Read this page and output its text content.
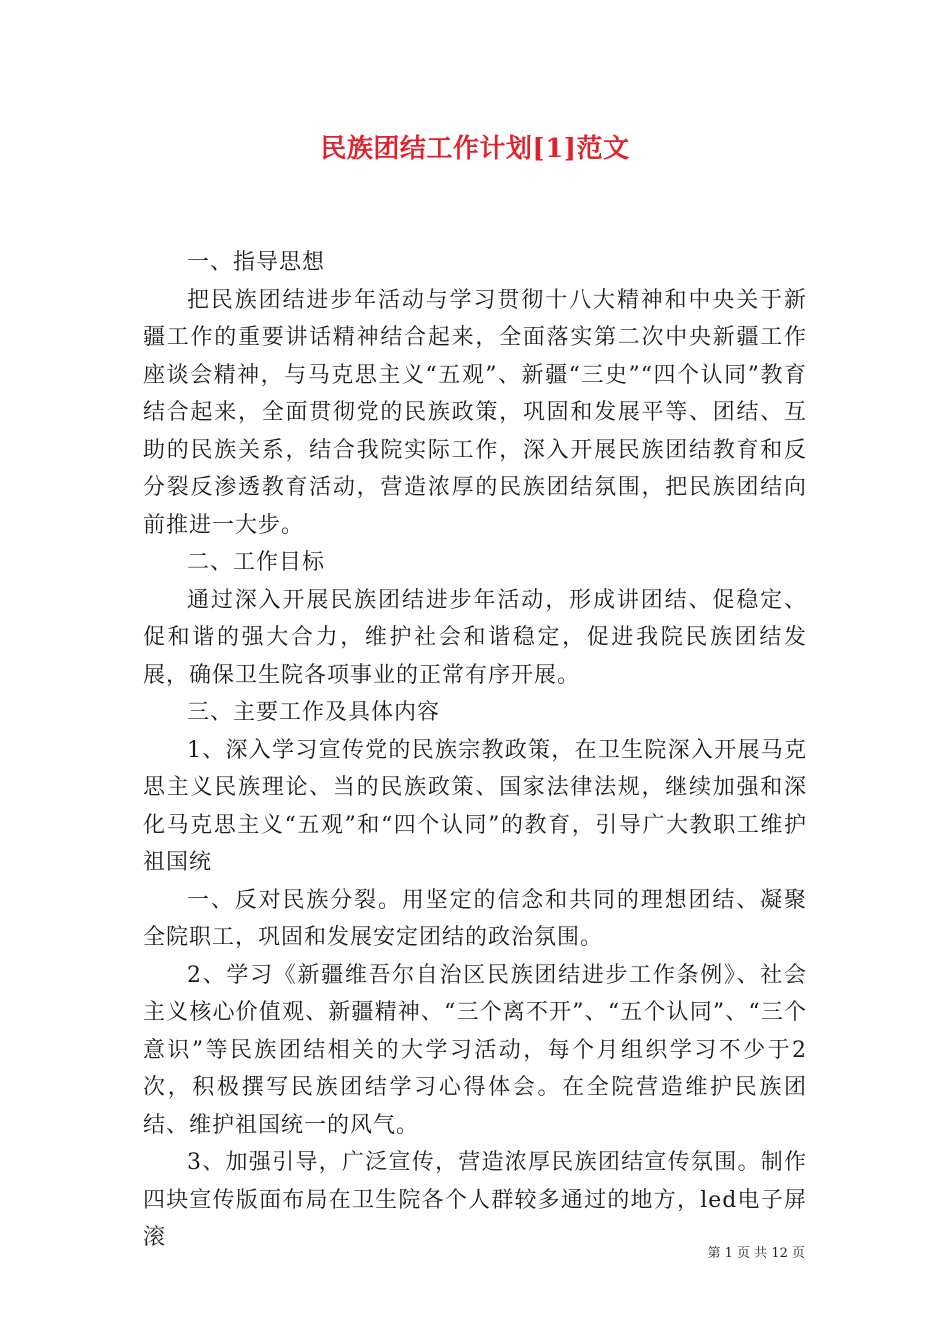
民族团结工作计划[1]范文

一、指导思想

把民族团结进步年活动与学习贯彻十八大精神和中央关于新疆工作的重要讲话精神结合起来，全面落实第二次中央新疆工作座谈会精神，与马克思主义“五观”、新疆“三史”“四个认同”教育结合起来，全面贯彻党的民族政策，巩固和发展平等、团结、互助的民族关系，结合我院实际工作，深入开展民族团结教育和反分裂反渗透教育活动，营造浓厚的民族团结氛围，把民族团结向前推进一大步。

二、工作目标

通过深入开展民族团结进步年活动，形成讲团结、促稳定、促和谐的强大合力，维护社会和谐稳定，促进我院民族团结发展，确保卫生院各项事业的正常有序开展。

三、主要工作及具体内容

1、深入学习宣传党的民族宗教政策，在卫生院深入开展马克思主义民族理论、当的民族政策、国家法律法规，继续加强和深化马克思主义“五观”和“四个认同”的教育，引导广大教职工维护祖国统

一、反对民族分裂。用坚定的信念和共同的理想团结、凝聚全院职工，巩固和发展安定团结的政治氛围。

2、学习《新疆维吾尔自治区民族团结进步工作条例》、社会主义核心价值观、新疆精神、“三个离不开”、“五个认同”、“三个意识”等民族团结相关的大学习活动，每个月组织学习不少于2次，积极撰写民族团结学习心得体会。在全院营造维护民族团结、维护祖国统一的风气。

3、加强引导，广泛宣传，营造浓厚民族团结宣传氛围。制作四块宣传版面布局在卫生院各个人群较多通过的地方，led电子屏滚

第 1 页 共 12 页
